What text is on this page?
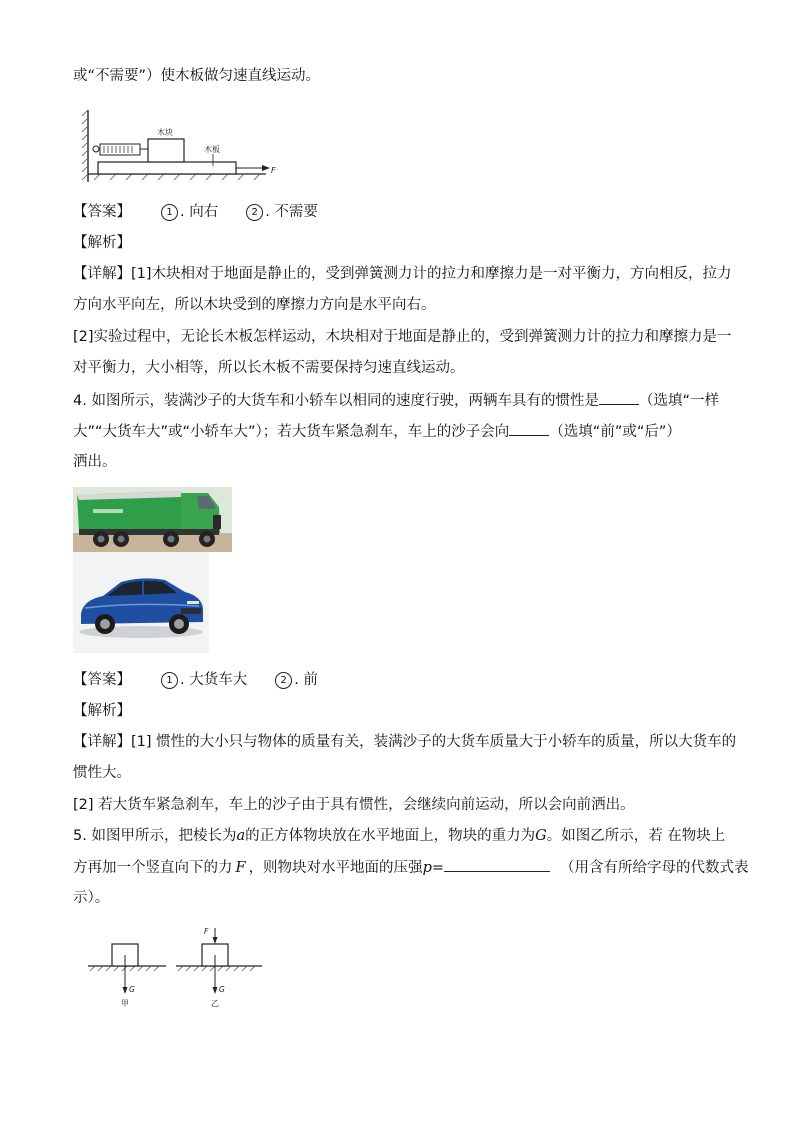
或“不需要”）使木板做匀速直线运动。
木块
木板
F
【答案】	1 . 向右	2 . 不需要
【解析】
【详解】[1]木块相对于地面是静止的，受到弹簧测力计的拉力和摩擦力是一对平衡力，方向相反，拉力
方向水平向左，所以木块受到的摩擦力方向是水平向右。
[2]实验过程中，无论长木板怎样运动，木块相对于地面是静止的，受到弹簧测力计的拉力和摩擦力是一
对平衡力，大小相等，所以长木板不需要保持匀速直线运动。
4. 如图所示，装满沙子的大货车和小轿车以相同的速度行驶，两辆车具有的惯性是	（选填“一样
大”“大货车大”或“小轿车大”）；若大货车紧急刹车，车上的沙子会向	（选填“前”或“后”）
洒出。
【答案】	1 . 大货车大	2 . 前
【解析】
【详解】[1] 惯性的大小只与物体的质量有关，装满沙子的大货车质量大于小轿车的质量，所以大货车的
惯性大。
[2] 若大货车紧急刹车，车上的沙子由于具有惯性，会继续向前运动，所以会向前洒出。
5. 如图甲所示，把棱长为a的正方体物块放在水平地面上，物块的重力为G。如图乙所示，若 在物块上
方再加一个竖直向下的力 F ，则物块对水平地面的压强p=	（用含有所给字母的代数式表
示）。
G
甲
F
G
乙
